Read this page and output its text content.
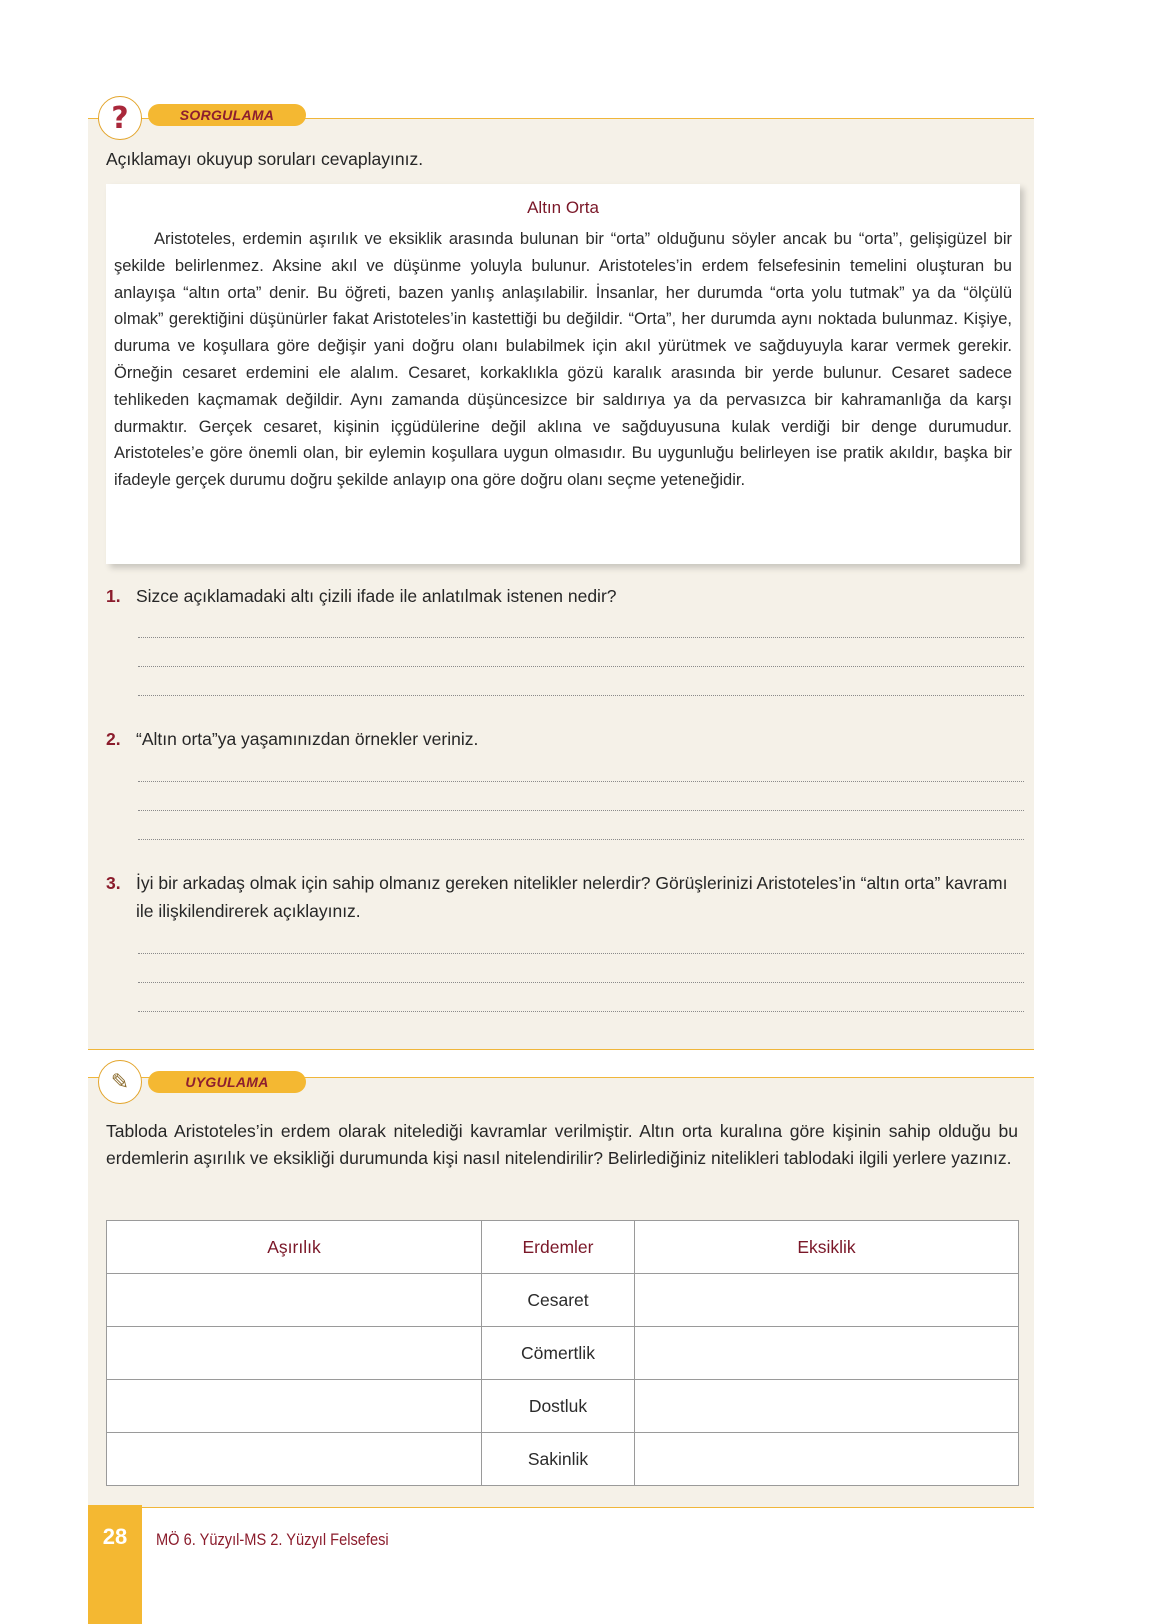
?	SORGULAMA
Açıklamayı okuyup soruları cevaplayınız.
Altın Orta
Aristoteles, erdemin aşırılık ve eksiklik arasında bulunan bir “orta” olduğunu söyler ancak bu “orta”, gelişigüzel bir şekilde belirlenmez. Aksine akıl ve düşünme yoluyla bulunur. Aristoteles’in erdem felsefesinin temelini oluşturan bu anlayışa “altın orta” denir. Bu öğreti, bazen yanlış anlaşılabilir. İnsanlar, her durumda “orta yolu tutmak” ya da “ölçülü olmak” gerektiğini düşünürler fakat Aristoteles’in kastettiği bu değildir. “Orta”, her durumda aynı noktada bulunmaz. Kişiye, duruma ve koşullara göre değişir yani doğru olanı bulabilmek için akıl yürütmek ve sağduyuyla karar vermek gerekir. Örneğin cesaret erdemini ele alalım. Cesaret, korkaklıkla gözü karalık arasında bir yerde bulunur. Cesaret sadece tehlikeden kaçmamak değildir. Aynı zamanda düşüncesizce bir saldırıya ya da pervasızca bir kahramanlığa da karşı durmaktır. Gerçek cesaret, kişinin içgüdülerine değil aklına ve sağduyusuna kulak verdiği bir denge durumudur. Aristoteles’e göre önemli olan, bir eylemin koşullara uygun olmasıdır. Bu uygunluğu belirleyen ise pratik akıldır, başka bir ifadeyle gerçek durumu doğru şekilde anlayıp ona göre doğru olanı seçme yeteneğidir.
1. Sizce açıklamadaki altı çizili ifade ile anlatılmak istenen nedir?
2. “Altın orta”ya yaşamınızdan örnekler veriniz.
3. İyi bir arkadaş olmak için sahip olmanız gereken nitelikler nelerdir? Görüşlerinizi Aristoteles’in “altın orta” kavramı ile ilişkilendirerek açıklayınız.
✎	UYGULAMA
Tabloda Aristoteles’in erdem olarak nitelediği kavramlar verilmiştir. Altın orta kuralına göre kişinin sahip olduğu bu erdemlerin aşırılık ve eksikliği durumunda kişi nasıl nitelendirilir? Belirlediğiniz nitelikleri tablodaki ilgili yerlere yazınız.
Aşırılık	Erdemler	Eksiklik
	Cesaret	
	Cömertlik	
	Dostluk	
	Sakinlik	
28	MÖ 6. Yüzyıl-MS 2. Yüzyıl Felsefesi
